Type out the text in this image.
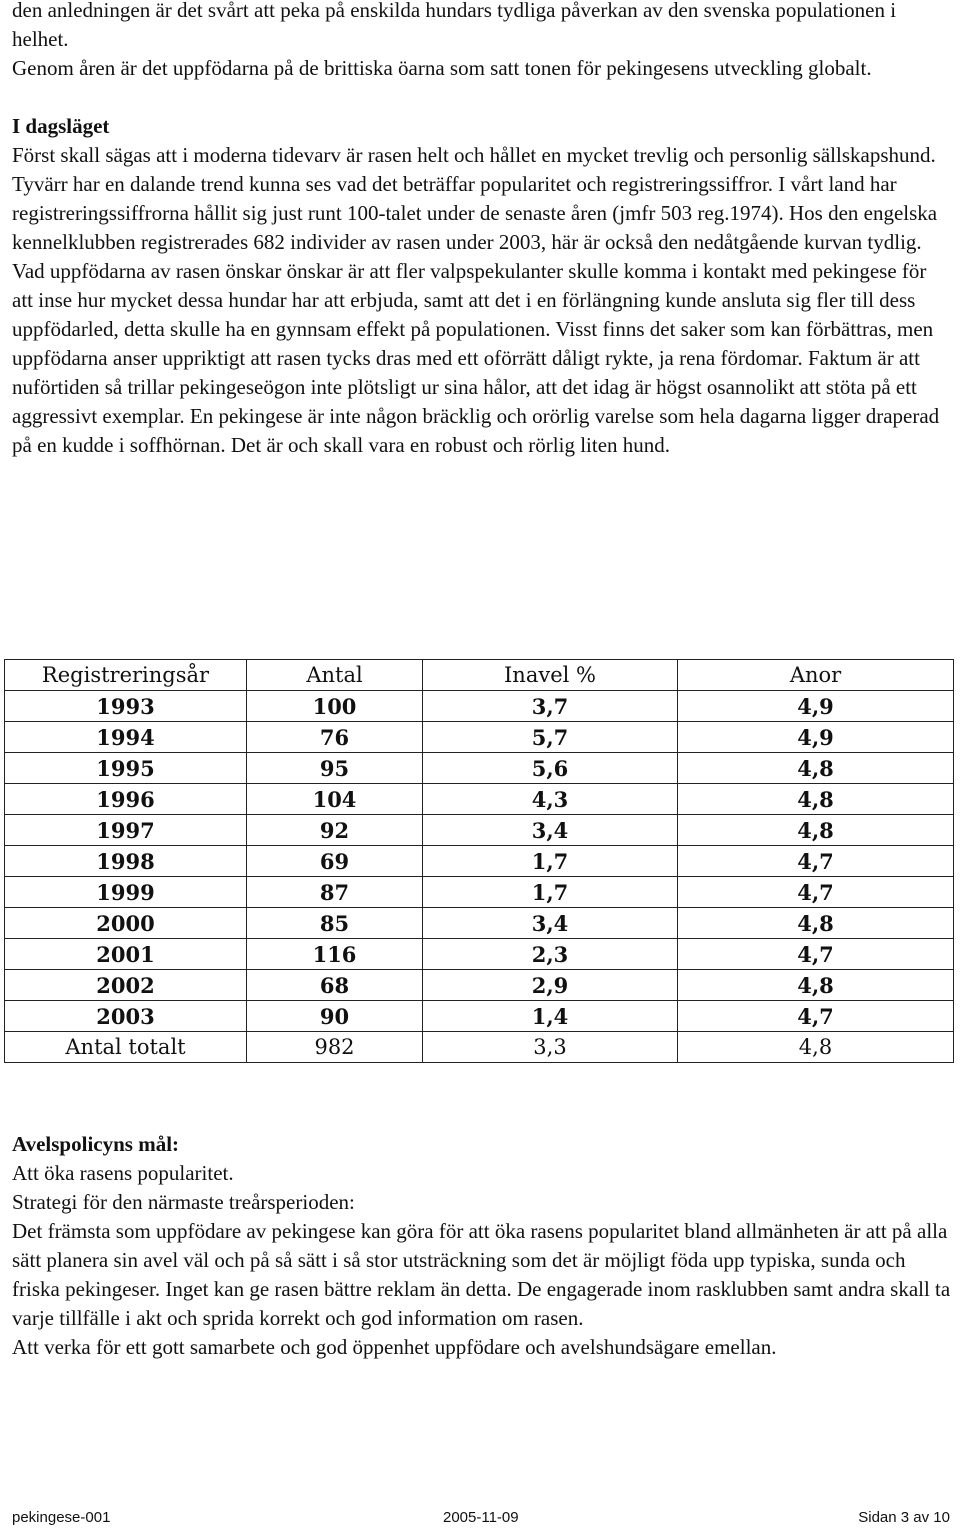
den anledningen är det svårt att peka på enskilda hundars tydliga påverkan av den svenska populationen i helhet.

Genom åren är det uppfödarna på de brittiska öarna som satt tonen för pekingesens utveckling globalt.

I dagsläget

Först skall sägas att i moderna tidevarv är rasen helt och hållet en mycket trevlig och personlig sällskapshund.

Tyvärr har en dalande trend kunna ses vad det beträffar popularitet och registreringssiffror. I vårt land har registreringssiffrorna hållit sig just runt 100-talet under de senaste åren (jmfr 503 reg.1974). Hos den engelska kennelklubben registrerades 682 individer av rasen under 2003, här är också den nedåtgående kurvan tydlig.

Vad uppfödarna av rasen önskar önskar är att fler valpspekulanter skulle komma i kontakt med pekingese för att inse hur mycket dessa hundar har att erbjuda, samt att det i en förlängning kunde ansluta sig fler till dess uppfödarled, detta skulle ha en gynnsam effekt på populationen. Visst finns det saker som kan förbättras, men uppfödarna anser uppriktigt att rasen tycks dras med ett oförrätt dåligt rykte, ja rena fördomar. Faktum är att nuförtiden så trillar pekingeseögon inte plötsligt ur sina hålor, att det idag är högst osannolikt att stöta på ett aggressivt exemplar. En pekingese är inte någon bräcklig och orörlig varelse som hela dagarna ligger draperad på en kudde i soffhörnan. Det är och skall vara en robust och rörlig liten hund.

Registreringsår	Antal	Inavel %	Anor
1993	100	3,7	4,9
1994	76	5,7	4,9
1995	95	5,6	4,8
1996	104	4,3	4,8
1997	92	3,4	4,8
1998	69	1,7	4,7
1999	87	1,7	4,7
2000	85	3,4	4,8
2001	116	2,3	4,7
2002	68	2,9	4,8
2003	90	1,4	4,7
Antal totalt	982	3,3	4,8

Avelspolicyns mål:

Att öka rasens popularitet.

Strategi för den närmaste treårsperioden:

Det främsta som uppfödare av pekingese kan göra för att öka rasens popularitet bland allmänheten är att på alla sätt planera sin avel väl och på så sätt i så stor utsträckning som det är möjligt föda upp typiska, sunda och friska pekingeser. Inget kan ge rasen bättre reklam än detta. De engagerade inom rasklubben samt andra skall ta varje tillfälle i akt och sprida korrekt och god information om rasen.

Att verka för ett gott samarbete och god öppenhet uppfödare och avelshundsägare emellan.

pekingese-001	2005-11-09	Sidan 3 av 10
